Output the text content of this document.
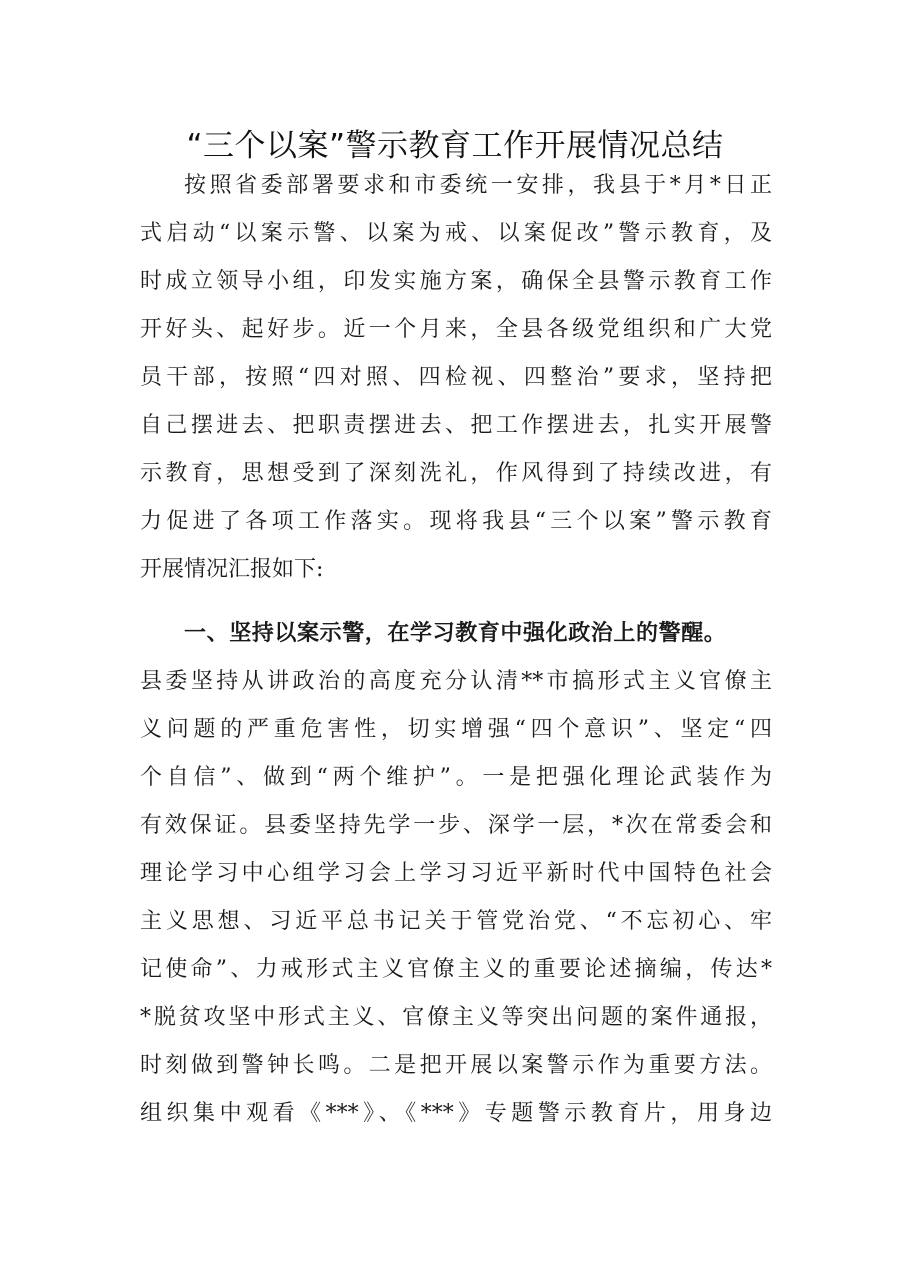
“三个以案”警示教育工作开展情况总结
按照省委部署要求和市委统一安排，我县于*月*日正
式启动“以案示警、以案为戒、以案促改”警示教育，及
时成立领导小组，印发实施方案，确保全县警示教育工作
开好头、起好步。近一个月来，全县各级党组织和广大党
员干部，按照“四对照、四检视、四整治”要求，坚持把
自己摆进去、把职责摆进去、把工作摆进去，扎实开展警
示教育，思想受到了深刻洗礼，作风得到了持续改进，有
力促进了各项工作落实。现将我县“三个以案”警示教育
开展情况汇报如下:
一、坚持以案示警，在学习教育中强化政治上的警醒。
县委坚持从讲政治的高度充分认清**市搞形式主义官僚主
义问题的严重危害性，切实增强“四个意识”、坚定“四
个自信”、做到“两个维护”。一是把强化理论武装作为
有效保证。县委坚持先学一步、深学一层，*次在常委会和
理论学习中心组学习会上学习习近平新时代中国特色社会
主义思想、习近平总书记关于管党治党、“不忘初心、牢
记使命”、力戒形式主义官僚主义的重要论述摘编，传达*
*脱贫攻坚中形式主义、官僚主义等突出问题的案件通报，
时刻做到警钟长鸣。二是把开展以案警示作为重要方法。
组织集中观看《***》、《***》专题警示教育片，用身边
